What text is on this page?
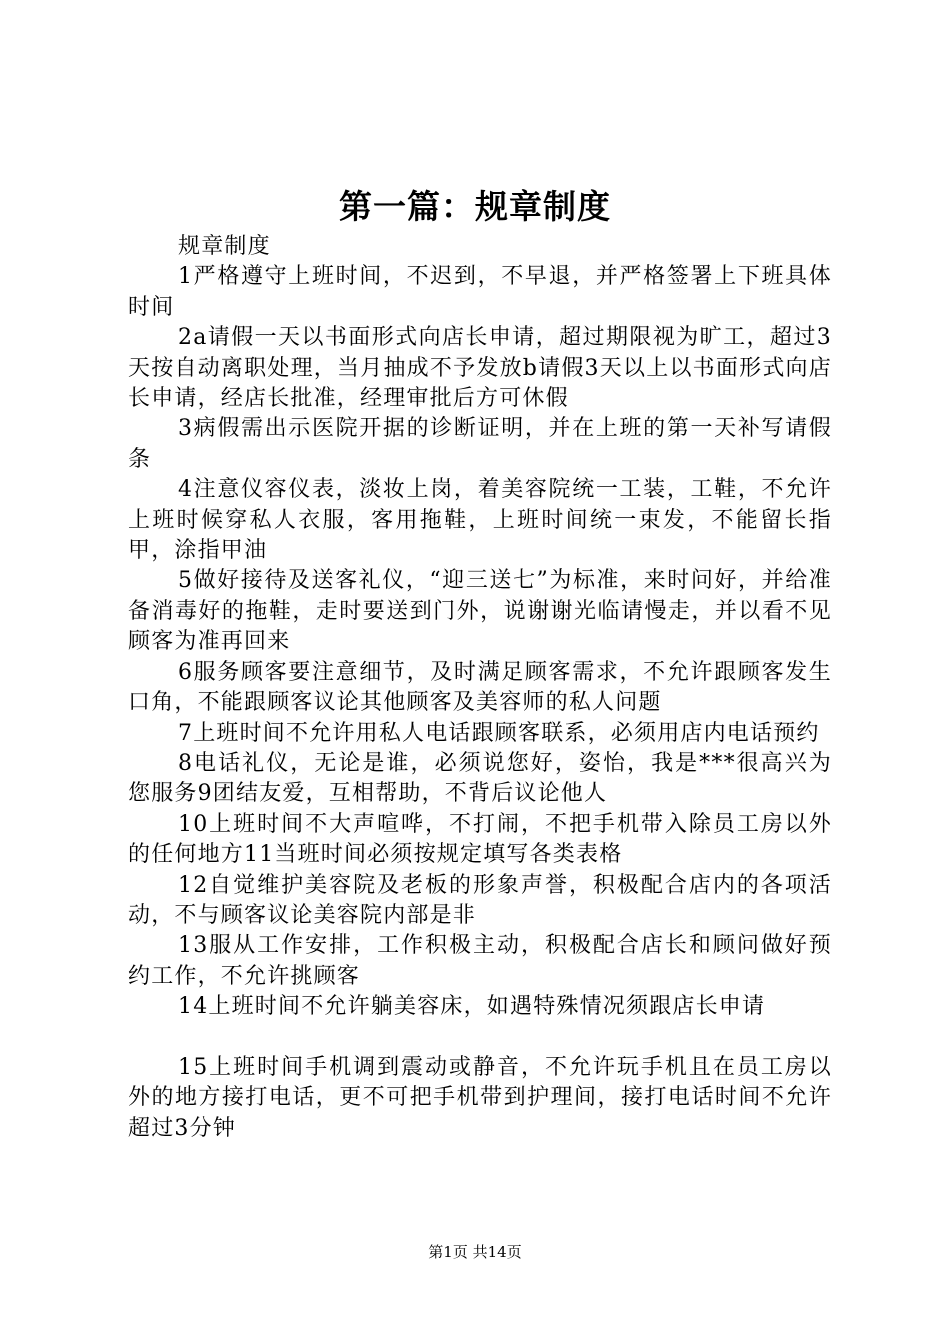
第一篇：规章制度

规章制度

1严格遵守上班时间，不迟到，不早退，并严格签署上下班具体时间

2a请假一天以书面形式向店长申请，超过期限视为旷工，超过3天按自动离职处理，当月抽成不予发放b请假3天以上以书面形式向店长申请，经店长批准，经理审批后方可休假

3病假需出示医院开据的诊断证明，并在上班的第一天补写请假条

4注意仪容仪表，淡妆上岗，着美容院统一工装，工鞋，不允许上班时候穿私人衣服，客用拖鞋，上班时间统一束发，不能留长指甲，涂指甲油

5做好接待及送客礼仪，“迎三送七”为标准，来时问好，并给准备消毒好的拖鞋，走时要送到门外，说谢谢光临请慢走，并以看不见顾客为准再回来

6服务顾客要注意细节，及时满足顾客需求，不允许跟顾客发生口角，不能跟顾客议论其他顾客及美容师的私人问题

7上班时间不允许用私人电话跟顾客联系，必须用店内电话预约

8电话礼仪，无论是谁，必须说您好，姿怡，我是***很高兴为您服务9团结友爱，互相帮助，不背后议论他人

10上班时间不大声喧哗，不打闹，不把手机带入除员工房以外的任何地方11当班时间必须按规定填写各类表格

12自觉维护美容院及老板的形象声誉，积极配合店内的各项活动，不与顾客议论美容院内部是非

13服从工作安排，工作积极主动，积极配合店长和顾问做好预约工作，不允许挑顾客

14上班时间不允许躺美容床，如遇特殊情况须跟店长申请

15上班时间手机调到震动或静音，不允许玩手机且在员工房以外的地方接打电话，更不可把手机带到护理间，接打电话时间不允许超过3分钟

第1页 共14页
